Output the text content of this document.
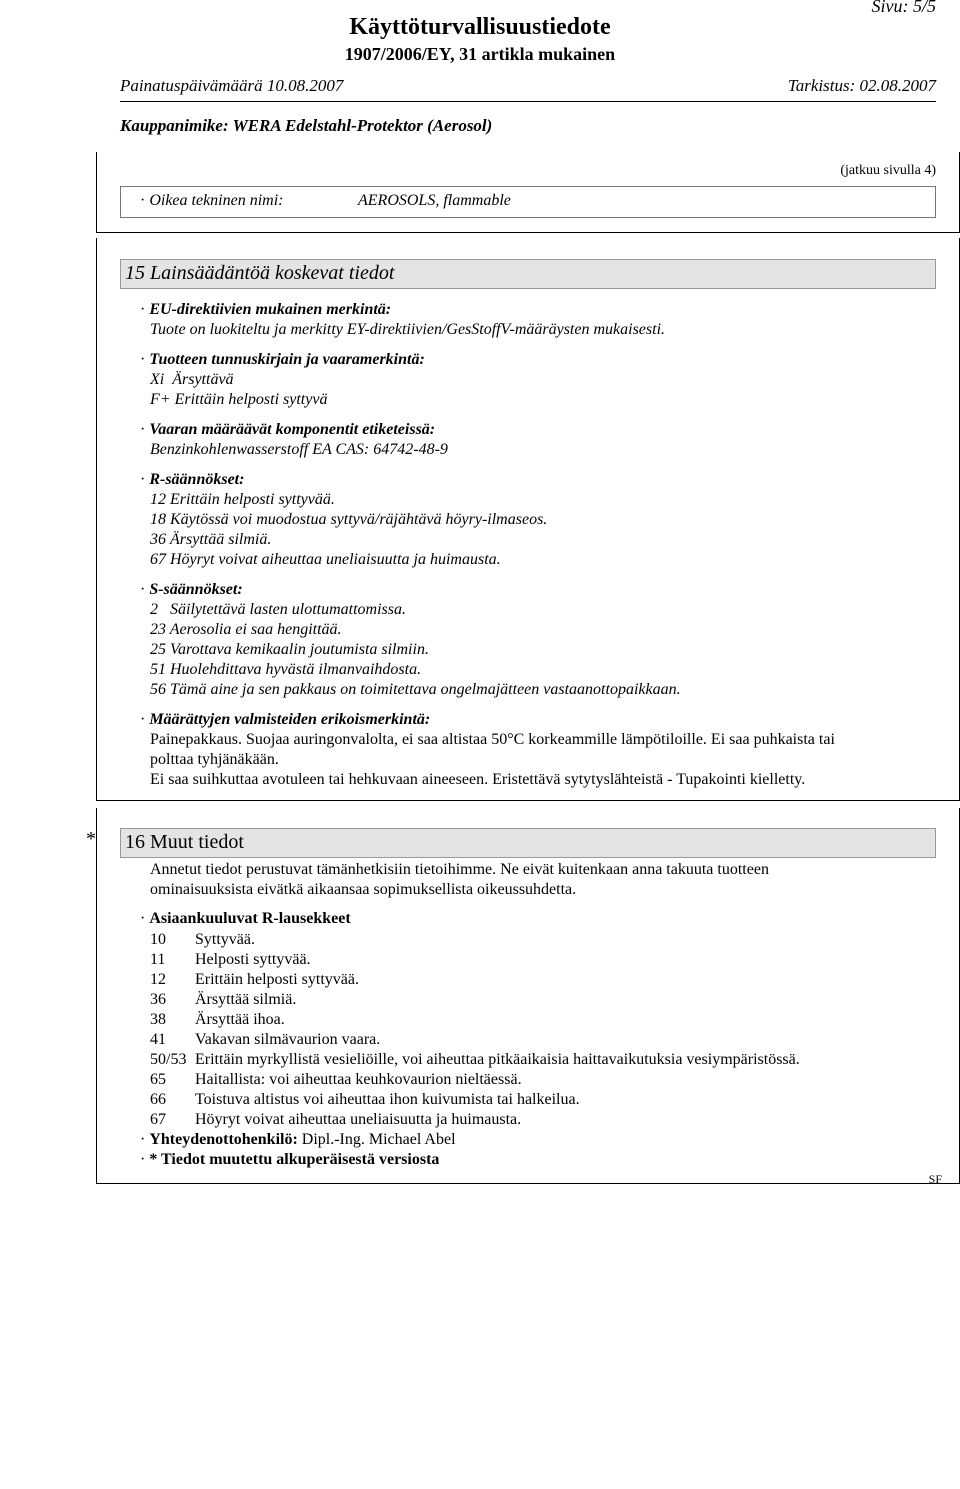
Sivu: 5/5
Käyttöturvallisuustiedote
1907/2006/EY, 31 artikla mukainen
Painatuspäivämäärä 10.08.2007	Tarkistus: 02.08.2007
Kauppanimike: WERA Edelstahl-Protektor (Aerosol)
(jatkuu sivulla 4)
· Oikea tekninen nimi:	AEROSOLS, flammable
15 Lainsäädäntöä koskevat tiedot
· EU-direktiivien mukainen merkintä:
Tuote on luokiteltu ja merkitty EY-direktiivien/GesStoffV-määräysten mukaisesti.
· Tuotteen tunnuskirjain ja vaaramerkintä:
Xi  Ärsyttävä
F+ Erittäin helposti syttyvä
· Vaaran määräävät komponentit etiketeissä:
Benzinkohlenwasserstoff EA CAS: 64742-48-9
· R-säännökset:
12 Erittäin helposti syttyvää.
18 Käytössä voi muodostua syttyvä/räjähtävä höyry-ilmaseos.
36 Ärsyttää silmiä.
67 Höyryt voivat aiheuttaa uneliaisuutta ja huimausta.
· S-säännökset:
2   Säilytettävä lasten ulottumattomissa.
23 Aerosolia ei saa hengittää.
25 Varottava kemikaalin joutumista silmiin.
51 Huolehdittava hyvästä ilmanvaihdosta.
56 Tämä aine ja sen pakkaus on toimitettava ongelmajätteen vastaanottopaikkaan.
· Määrättyjen valmisteiden erikoismerkintä:
Painepakkaus. Suojaa auringonvalolta, ei saa altistaa 50°C korkeammille lämpötiloille. Ei saa puhkaista tai
polttaa tyhjänäkään.
Ei saa suihkuttaa avotuleen tai hehkuvaan aineeseen. Eristettävä sytytyslähteistä - Tupakointi kielletty.
* 16 Muut tiedot
Annetut tiedot perustuvat tämänhetkisiin tietoihimme. Ne eivät kuitenkaan anna takuuta tuotteen
ominaisuuksista eivätkä aikaansaa sopimuksellista oikeussuhdetta.
· Asiaankuuluvat R-lausekkeet
10 Syttyvää.
11 Helposti syttyvää.
12 Erittäin helposti syttyvää.
36 Ärsyttää silmiä.
38 Ärsyttää ihoa.
41 Vakavan silmävaurion vaara.
50/53 Erittäin myrkyllistä vesieliöille, voi aiheuttaa pitkäaikaisia haittavaikutuksia vesiympäristössä.
65 Haitallista: voi aiheuttaa keuhkovaurion nieltäessä.
66 Toistuva altistus voi aiheuttaa ihon kuivumista tai halkeilua.
67 Höyryt voivat aiheuttaa uneliaisuutta ja huimausta.
· Yhteydenottohenkilö: Dipl.-Ing. Michael Abel
· * Tiedot muutettu alkuperäisestä versiosta
SF
